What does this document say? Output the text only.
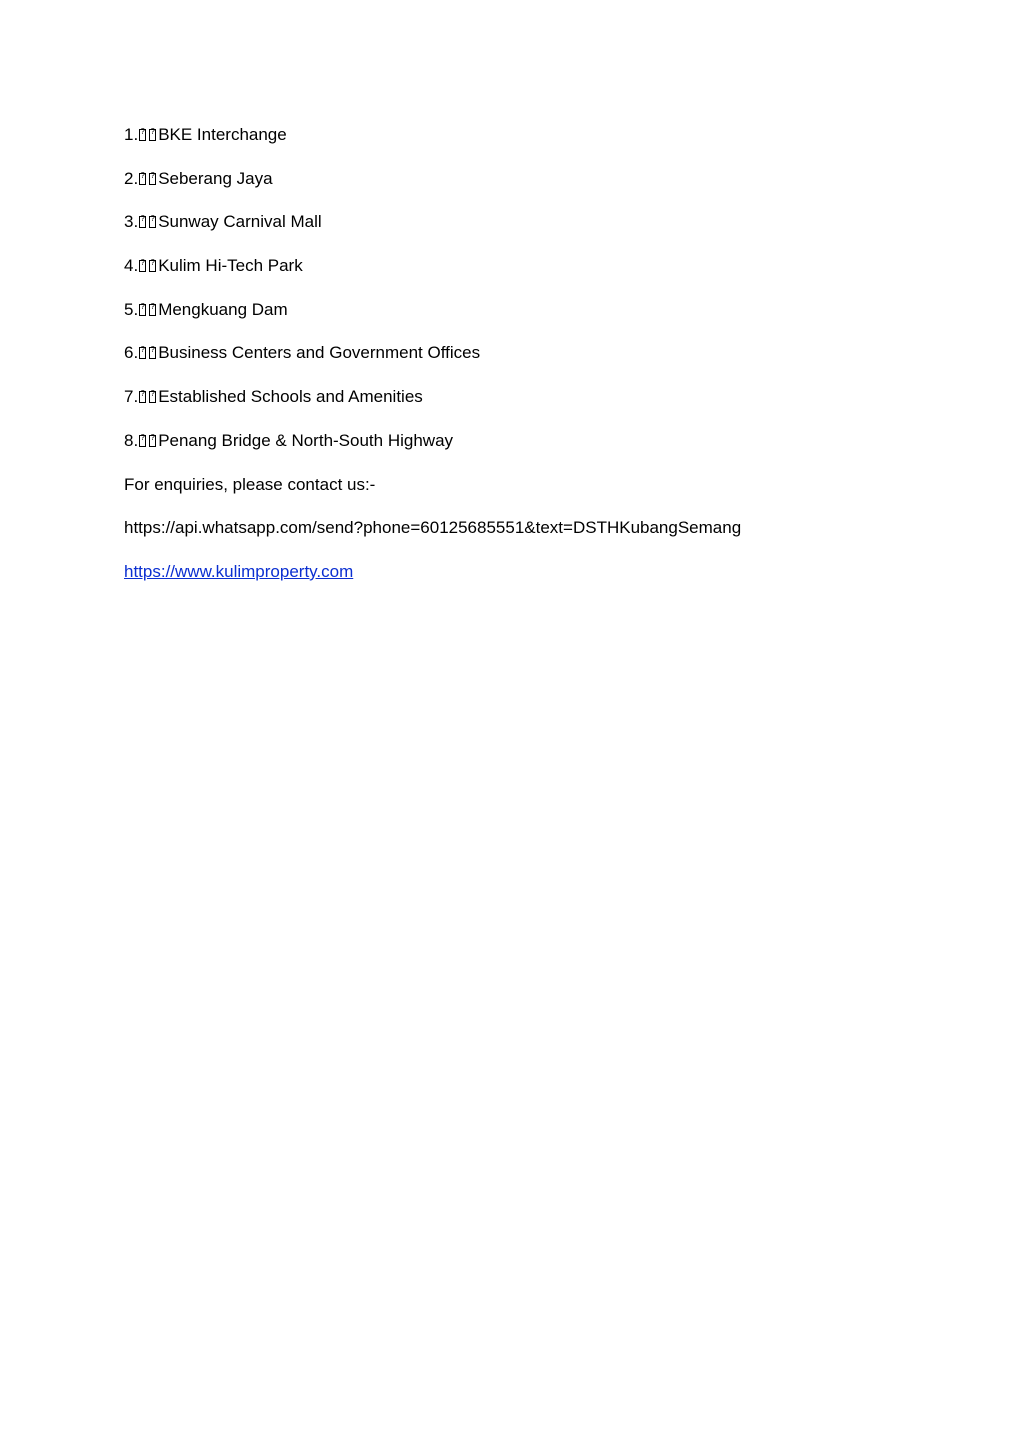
1. ? ? BKE Interchange
2. ? ? Seberang Jaya
3. ? ? Sunway Carnival Mall
4. ? ? Kulim Hi-Tech Park
5. ? ? Mengkuang Dam
6. ? ? Business Centers and Government Offices
7. ? ? Established Schools and Amenities
8. ? ? Penang Bridge & North-South Highway
For enquiries, please contact us:-
https://api.whatsapp.com/send?phone=60125685551&text=DSTHKubangSemang
https://www.kulimproperty.com
